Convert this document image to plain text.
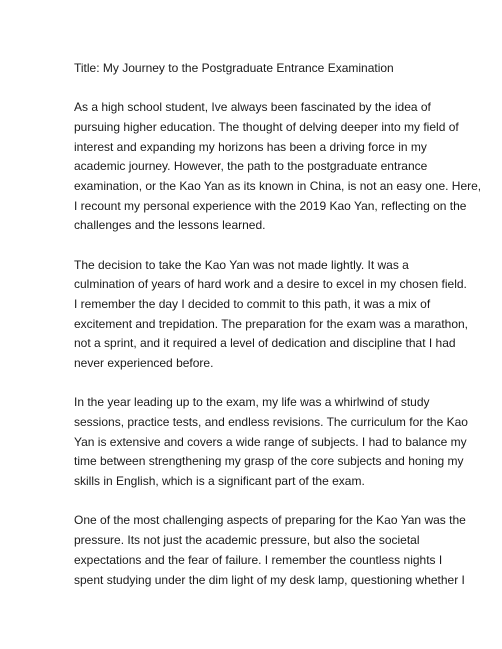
Title: My Journey to the Postgraduate Entrance Examination
As a high school student, Ive always been fascinated by the idea of
pursuing higher education. The thought of delving deeper into my field of
interest and expanding my horizons has been a driving force in my
academic journey. However, the path to the postgraduate entrance
examination, or the Kao Yan as its known in China, is not an easy one. Here,
I recount my personal experience with the 2019 Kao Yan, reflecting on the
challenges and the lessons learned.
The decision to take the Kao Yan was not made lightly. It was a
culmination of years of hard work and a desire to excel in my chosen field.
I remember the day I decided to commit to this path, it was a mix of
excitement and trepidation. The preparation for the exam was a marathon,
not a sprint, and it required a level of dedication and discipline that I had
never experienced before.
In the year leading up to the exam, my life was a whirlwind of study
sessions, practice tests, and endless revisions. The curriculum for the Kao
Yan is extensive and covers a wide range of subjects. I had to balance my
time between strengthening my grasp of the core subjects and honing my
skills in English, which is a significant part of the exam.
One of the most challenging aspects of preparing for the Kao Yan was the
pressure. Its not just the academic pressure, but also the societal
expectations and the fear of failure. I remember the countless nights I
spent studying under the dim light of my desk lamp, questioning whether I
